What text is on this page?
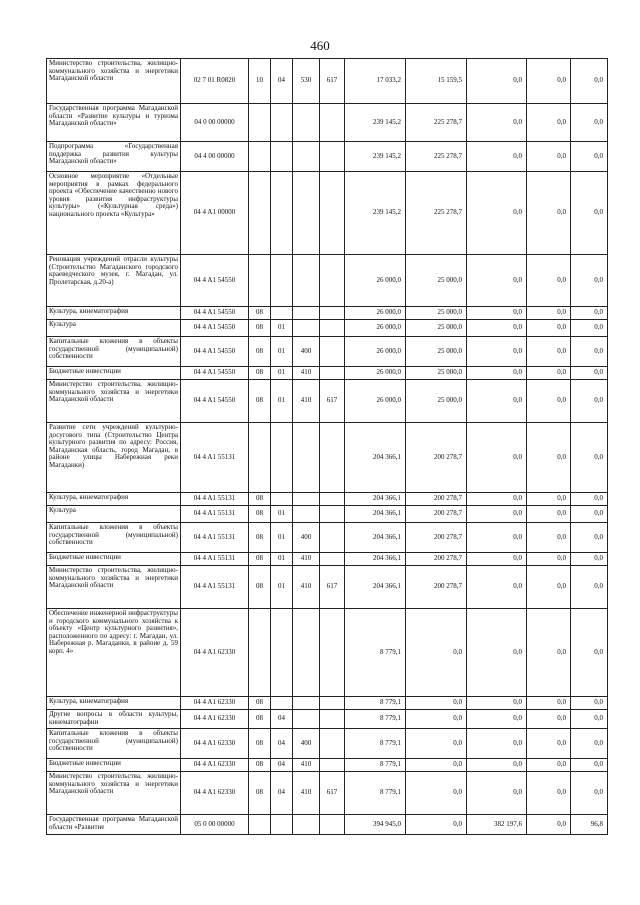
460
Министерство строительства, жилищно-коммунального хозяйства и энергетики Магаданской области	02 7 01 R0820	10	04	530	617	17 033,2	15 159,5	0,0	0,0	0,0
Государственная программа Магаданской области «Развитие культуры и туризма Магаданской области»	04 0 00 00000					239 145,2	225 278,7	0,0	0,0	0,0
Подпрограмма «Государственная поддержка развития культуры Магаданской области»	04 4 00 00000					239 145,2	225 278,7	0,0	0,0	0,0
Основное мероприятие «Отдельные мероприятия в рамках федерального проекта «Обеспечение качественно нового уровня развития инфраструктуры культуры» («Культурная среда») национального проекта «Культура»	04 4 A1 00000					239 145,2	225 278,7	0,0	0,0	0,0
Реновация учреждений отрасли культуры (Строительство Магаданского городского краеведческого музея, г. Магадан, ул. Пролетарская, д.20-а)	04 4 A1 54550					26 000,0	25 000,0	0,0	0,0	0,0
Культура, кинематография	04 4 A1 54550	08				26 000,0	25 000,0	0,0	0,0	0,0
Культура	04 4 A1 54550	08	01			26 000,0	25 000,0	0,0	0,0	0,0
Капитальные вложения в объекты государственной (муниципальной) собственности	04 4 A1 54550	08	01	400		26 000,0	25 000,0	0,0	0,0	0,0
Бюджетные инвестиции	04 4 A1 54550	08	01	410		26 000,0	25 000,0	0,0	0,0	0,0
Министерство строительства, жилищно-коммунального хозяйства и энергетики Магаданской области	04 4 A1 54550	08	01	410	617	26 000,0	25 000,0	0,0	0,0	0,0
Развитие сети учреждений культурно-досугового типа (Строительство Центра культурного развития по адресу: Россия, Магаданская область, город Магадан, в районе улицы Набережная реки Магаданки)	04 4 A1 55131					204 366,1	200 278,7	0,0	0,0	0,0
Культура, кинематография	04 4 A1 55131	08				204 366,1	200 278,7	0,0	0,0	0,0
Культура	04 4 A1 55131	08	01			204 366,1	200 278,7	0,0	0,0	0,0
Капитальные вложения в объекты государственной (муниципальной) собственности	04 4 A1 55131	08	01	400		204 366,1	200 278,7	0,0	0,0	0,0
Бюджетные инвестиции	04 4 A1 55131	08	01	410		204 366,1	200 278,7	0,0	0,0	0,0
Министерство строительства, жилищно-коммунального хозяйства и энергетики Магаданской области	04 4 A1 55131	08	01	410	617	204 366,1	200 278,7	0,0	0,0	0,0
Обеспечение инженерной инфраструктуры и городского коммунального хозяйства к объекту «Центр культурного развития», расположенного по адресу: г. Магадан, ул. Набережная р. Магаданки, в районе д. 59 корп. 4»	04 4 A1 62330					8 779,1	0,0	0,0	0,0	0,0
Культура, кинематография	04 4 A1 62330	08				8 779,1	0,0	0,0	0,0	0,0
Другие вопросы в области культуры, кинематографии	04 4 A1 62330	08	04			8 779,1	0,0	0,0	0,0	0,0
Капитальные вложения в объекты государственной (муниципальной) собственности	04 4 A1 62330	08	04	400		8 779,1	0,0	0,0	0,0	0,0
Бюджетные инвестиции	04 4 A1 62330	08	04	410		8 779,1	0,0	0,0	0,0	0,0
Министерство строительства, жилищно-коммунального хозяйства и энергетики Магаданской области	04 4 A1 62330	08	04	410	617	8 779,1	0,0	0,0	0,0	0,0
Государственная программа Магаданской области «Развитие	05 0 00 00000					394 945,0	0,0	382 197,6	0,0	96,8
